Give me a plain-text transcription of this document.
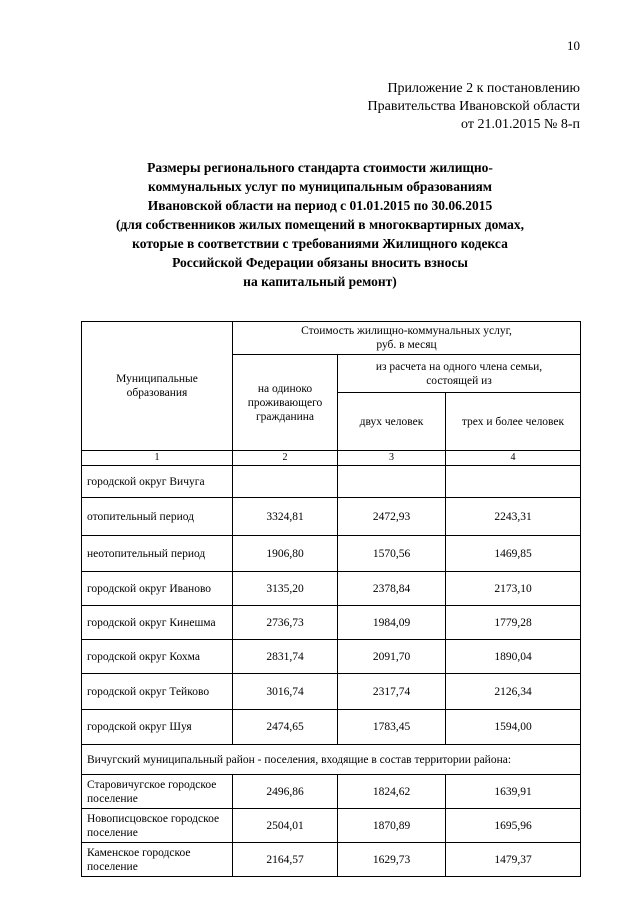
10
Приложение 2 к постановлению
Правительства Ивановской области
от 21.01.2015 № 8-п
Размеры регионального стандарта стоимости жилищно-
коммунальных услуг по муниципальным образованиям
Ивановской области на период с 01.01.2015 по 30.06.2015
(для собственников жилых помещений в многоквартирных домах,
которые в соответствии с требованиями Жилищного кодекса
Российской Федерации обязаны вносить взносы
на капитальный ремонт)
Муниципальные образования	Стоимость жилищно-коммунальных услуг,
руб. в месяц		

	на одиноко проживающего гражданина	из расчета на одного члена семьи,
состоящей из	

		двух человек	трех и более человек
1	2	3	4
городской округ Вичуга			
отопительный период	3324,81	2472,93	2243,31
неотопительный период	1906,80	1570,56	1469,85
городской округ Иваново	3135,20	2378,84	2173,10
городской округ Кинешма	2736,73	1984,09	1779,28
городской округ Кохма	2831,74	2091,70	1890,04
городской округ Тейково	3016,74	2317,74	2126,34
городской округ Шуя	2474,65	1783,45	1594,00
Вичугский муниципальный район - поселения, входящие в состав территории района:			
Старовичугское городское поселение	2496,86	1824,62	1639,91
Новописцовское городское поселение	2504,01	1870,89	1695,96
Каменское городское поселение	2164,57	1629,73	1479,37
